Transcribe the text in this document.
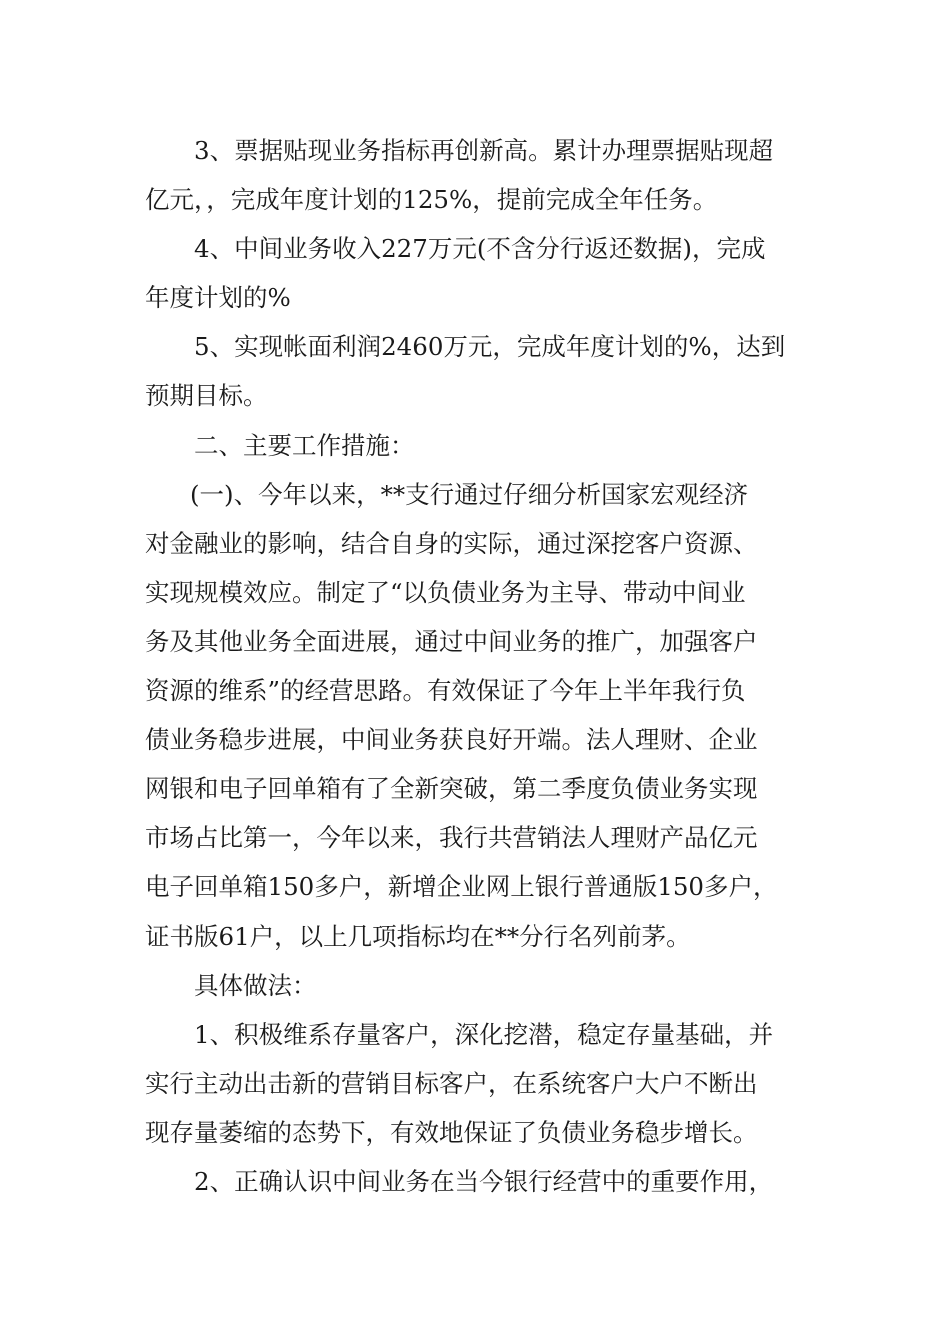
3、票据贴现业务指标再创新高。累计办理票据贴现超
亿元，，完成年度计划的125%，提前完成全年任务。
4、中间业务收入227万元(不含分行返还数据)，完成
年度计划的%
5、实现帐面利润2460万元，完成年度计划的%，达到
预期目标。
二、主要工作措施：
(一)、今年以来，**支行通过仔细分析国家宏观经济
对金融业的影响，结合自身的实际，通过深挖客户资源、
实现规模效应。制定了“以负债业务为主导、带动中间业
务及其他业务全面进展，通过中间业务的推广，加强客户
资源的维系”的经营思路。有效保证了今年上半年我行负
债业务稳步进展，中间业务获良好开端。法人理财、企业
网银和电子回单箱有了全新突破，第二季度负债业务实现
市场占比第一，今年以来，我行共营销法人理财产品亿元
电子回单箱150多户，新增企业网上银行普通版150多户，
证书版61户，以上几项指标均在**分行名列前茅。
具体做法：
1、积极维系存量客户，深化挖潜，稳定存量基础，并
实行主动出击新的营销目标客户，在系统客户大户不断出
现存量萎缩的态势下，有效地保证了负债业务稳步增长。
2、正确认识中间业务在当今银行经营中的重要作用，
